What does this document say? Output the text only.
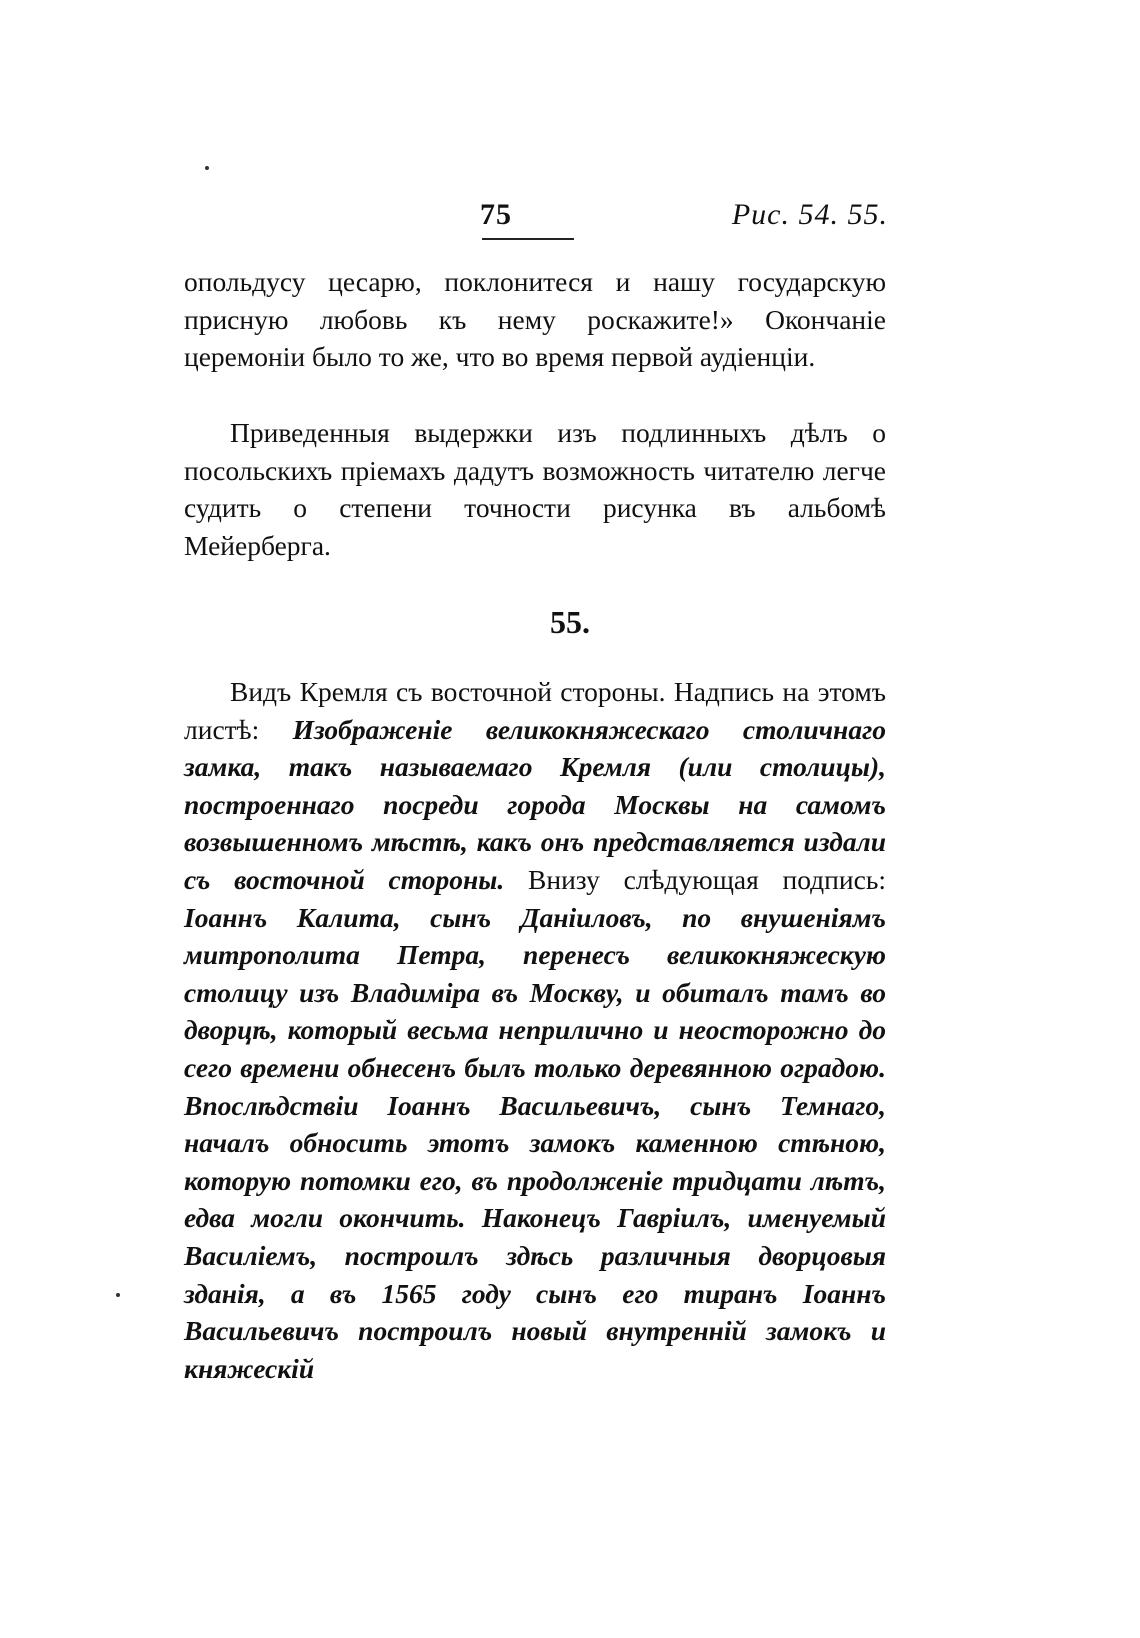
75	Рис. 54. 55.

опольдусу цесарю, поклонитеся и нашу государскую присную любовь къ нему роскажите!» Окончаніе церемоніи было то же, что во время первой аудіенціи.

Приведенныя выдержки изъ подлинныхъ дѣлъ о посольскихъ пріемахъ дадутъ возможность читателю легче судить о степени точности рисунка въ альбомѣ Мейерберга.

55.

Видъ Кремля съ восточной стороны. Надпись на этомъ листѣ: Изображеніе великокняжескаго столичнаго замка, такъ называемаго Кремля (или столицы), построеннаго посреди города Москвы на самомъ возвышенномъ мѣстѣ, какъ онъ представляется издали съ восточной стороны. Внизу слѣдующая подпись: Іоаннъ Калита, сынъ Даніиловъ, по внушеніямъ митрополита Петра, перенесъ великокняжескую столицу изъ Владиміра въ Москву, и обиталъ тамъ во дворцѣ, который весьма неприлично и неосторожно до сего времени обнесенъ былъ только деревянною оградою. Впослѣдствіи Іоаннъ Васильевичъ, сынъ Темнаго, началъ обносить этотъ замокъ каменною стѣною, которую потомки его, въ продолженіе тридцати лѣтъ, едва могли окончить. Наконецъ Гавріилъ, именуемый Василіемъ, построилъ здѣсь различныя дворцовыя зданія, а въ 1565 году сынъ его тиранъ Іоаннъ Васильевичъ построилъ новый внутренній замокъ и княжескій
